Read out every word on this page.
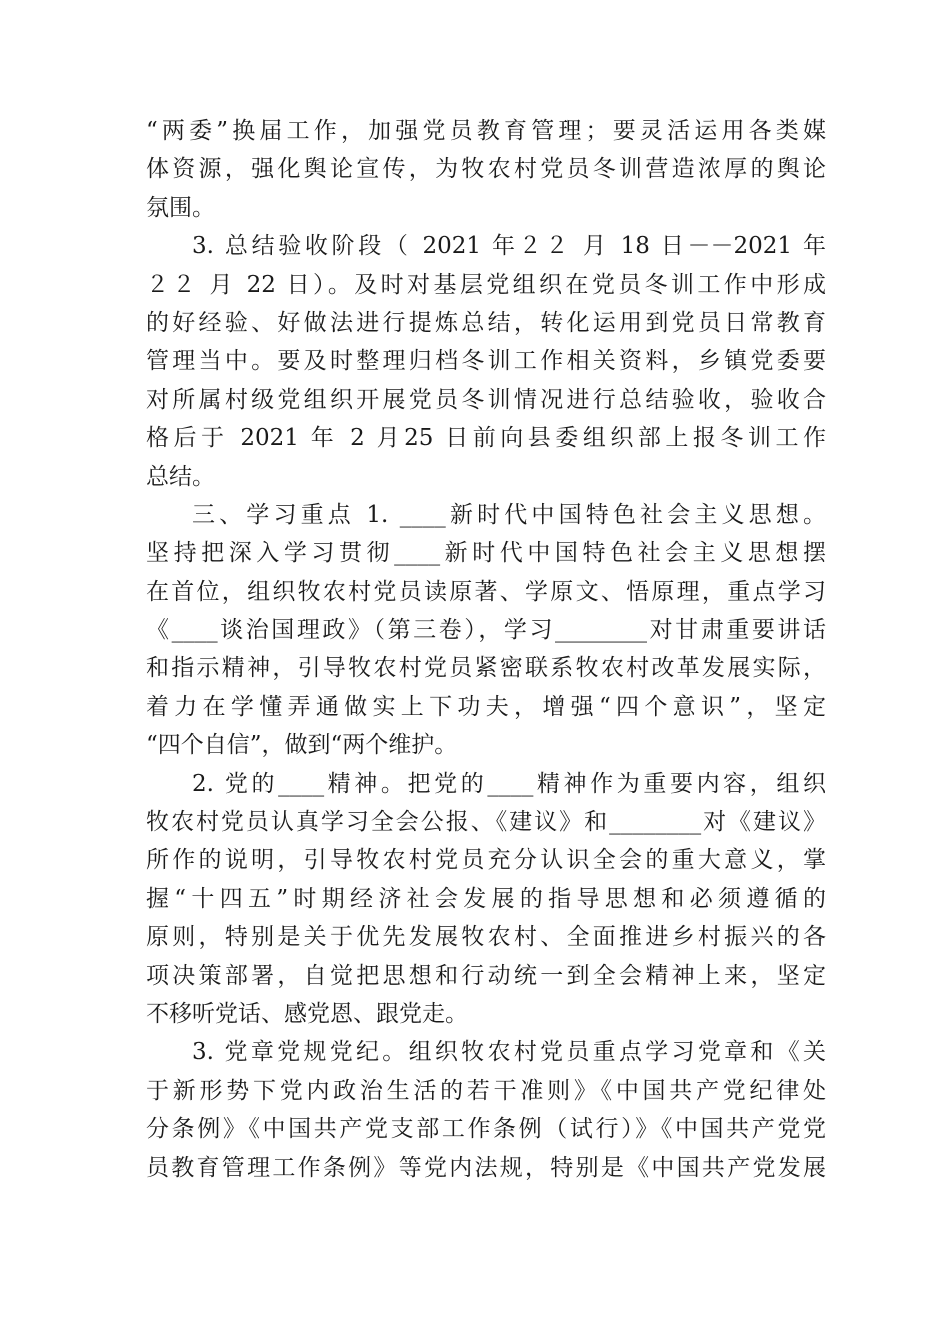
“两委”换届工作，加强党员教育管理；要灵活运用各类媒
体资源，强化舆论宣传，为牧农村党员冬训营造浓厚的舆论
氛围。
3. 总结验收阶段（ 2021 年２２ 月 18 日－－2021 年
２２ 月 22 日）。及时对基层党组织在党员冬训工作中形成
的好经验、好做法进行提炼总结，转化运用到党员日常教育
管理当中。要及时整理归档冬训工作相关资料，乡镇党委要
对所属村级党组织开展党员冬训情况进行总结验收，验收合
格后于 2021 年 2 月25 日前向县委组织部上报冬训工作
总结。
三、学习重点 1. ____新时代中国特色社会主义思想。
坚持把深入学习贯彻____新时代中国特色社会主义思想摆
在首位，组织牧农村党员读原著、学原文、悟原理，重点学习
《____谈治国理政》（第三卷），学习________对甘肃重要讲话
和指示精神，引导牧农村党员紧密联系牧农村改革发展实际，
着力在学懂弄通做实上下功夫，增强“四个意识”，坚定
“四个自信”，做到“两个维护。
2. 党的____精神。把党的____精神作为重要内容，组织
牧农村党员认真学习全会公报、《建议》和________对《建议》
所作的说明，引导牧农村党员充分认识全会的重大意义，掌
握“十四五”时期经济社会发展的指导思想和必须遵循的
原则，特别是关于优先发展牧农村、全面推进乡村振兴的各
项决策部署，自觉把思想和行动统一到全会精神上来，坚定
不移听党话、感党恩、跟党走。
3. 党章党规党纪。组织牧农村党员重点学习党章和《关
于新形势下党内政治生活的若干准则》《中国共产党纪律处
分条例》《中国共产党支部工作条例（试行）》《中国共产党党
员教育管理工作条例》等党内法规，特别是《中国共产党发展
